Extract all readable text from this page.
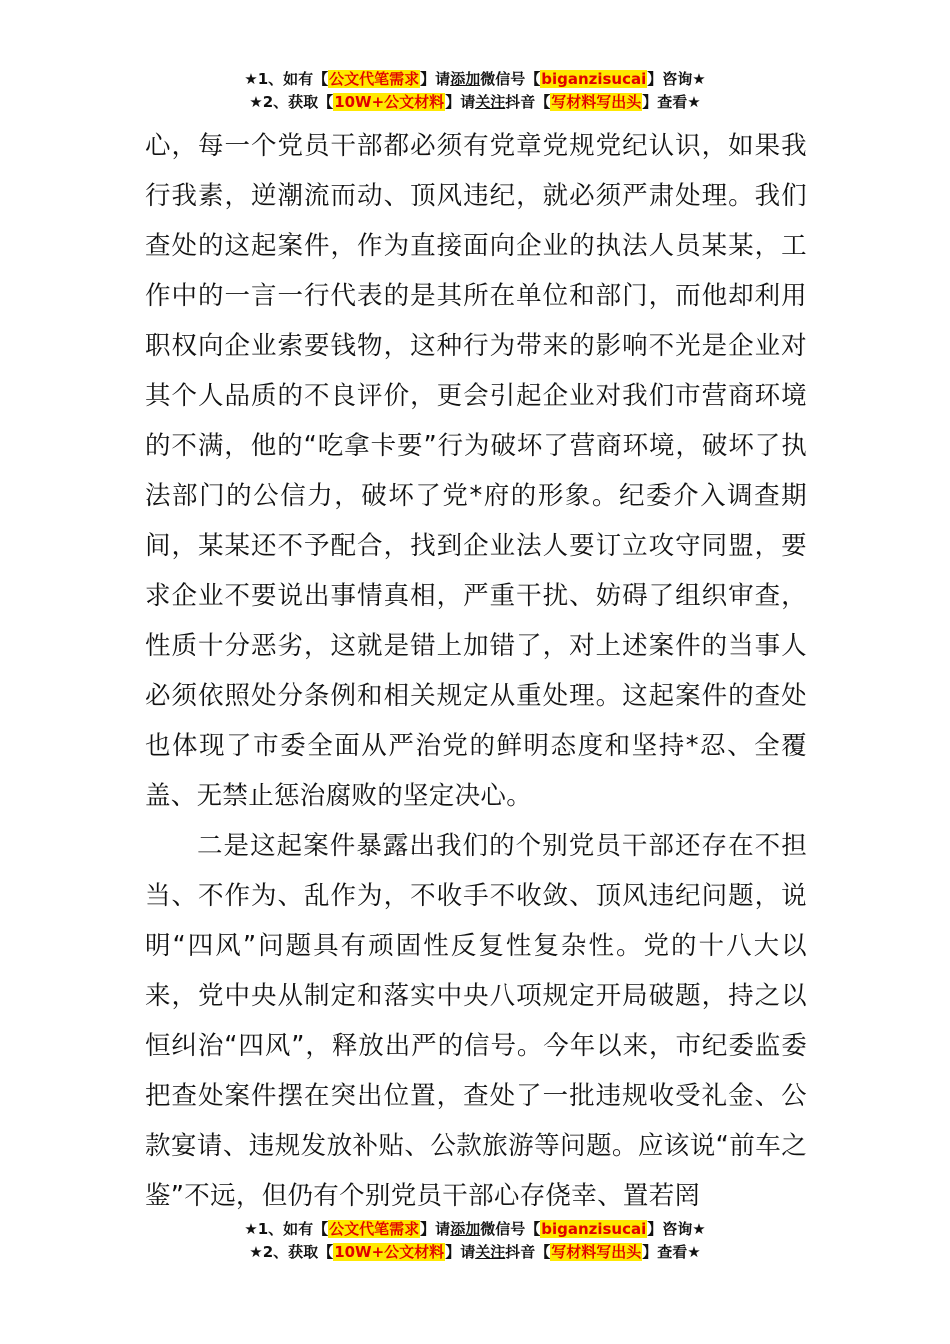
★1、如有【公文代笔需求】请添加微信号【biganzisucai】咨询★
★2、获取【10W+公文材料】请关注抖音【写材料写出头】查看★

心，每一个党员干部都必须有党章党规党纪认识，如果我行我素，逆潮流而动、顶风违纪，就必须严肃处理。我们查处的这起案件，作为直接面向企业的执法人员某某，工作中的一言一行代表的是其所在单位和部门，而他却利用职权向企业索要钱物，这种行为带来的影响不光是企业对其个人品质的不良评价，更会引起企业对我们市营商环境的不满，他的“吃拿卡要”行为破坏了营商环境，破坏了执法部门的公信力，破坏了党*府的形象。纪委介入调查期间，某某还不予配合，找到企业法人要订立攻守同盟，要求企业不要说出事情真相，严重干扰、妨碍了组织审查，性质十分恶劣，这就是错上加错了，对上述案件的当事人必须依照处分条例和相关规定从重处理。这起案件的查处也体现了市委全面从严治党的鲜明态度和坚持*忍、全覆盖、无禁止惩治腐败的坚定决心。

二是这起案件暴露出我们的个别党员干部还存在不担当、不作为、乱作为，不收手不收敛、顶风违纪问题，说明“四风”问题具有顽固性反复性复杂性。党的十八大以来，党中央从制定和落实中央八项规定开局破题，持之以恒纠治“四风”，释放出严的信号。今年以来，市纪委监委把查处案件摆在突出位置，查处了一批违规收受礼金、公款宴请、违规发放补贴、公款旅游等问题。应该说“前车之鉴”不远，但仍有个别党员干部心存侥幸、置若罔

★1、如有【公文代笔需求】请添加微信号【biganzisucai】咨询★
★2、获取【10W+公文材料】请关注抖音【写材料写出头】查看★
